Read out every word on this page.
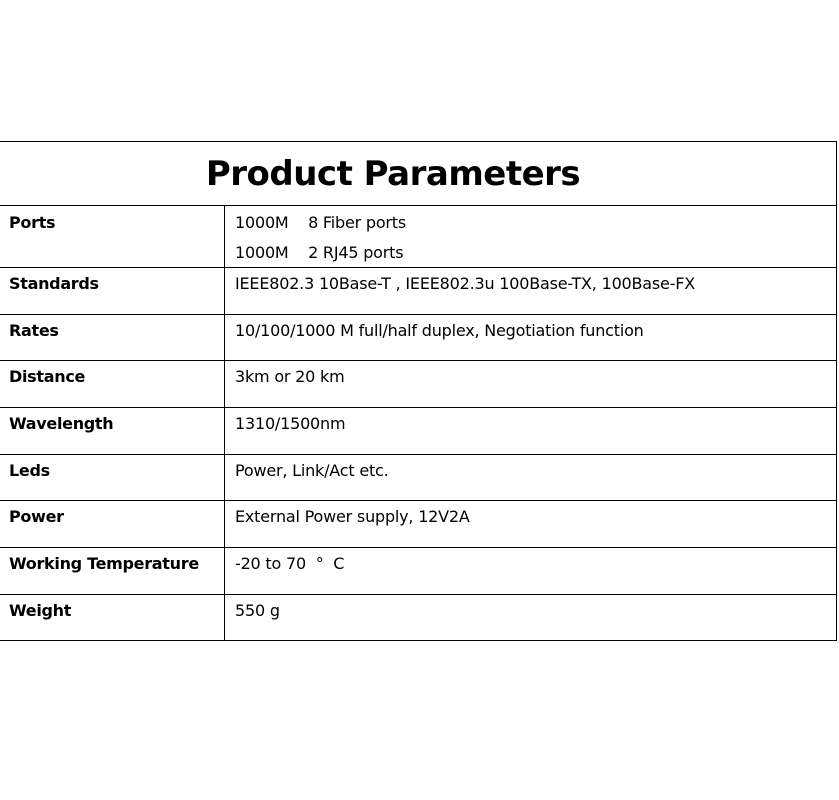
Product Parameters
Ports	1000M    8 Fiber ports
1000M    2 RJ45 ports
Standards	IEEE802.3 10Base-T , IEEE802.3u 100Base-TX, 100Base-FX
Rates	10/100/1000 M full/half duplex, Negotiation function
Distance	3km or 20 km
Wavelength	1310/1500nm
Leds	Power, Link/Act etc.
Power	External Power supply, 12V2A
Working Temperature	-20 to 70  °  C
Weight	550 g
